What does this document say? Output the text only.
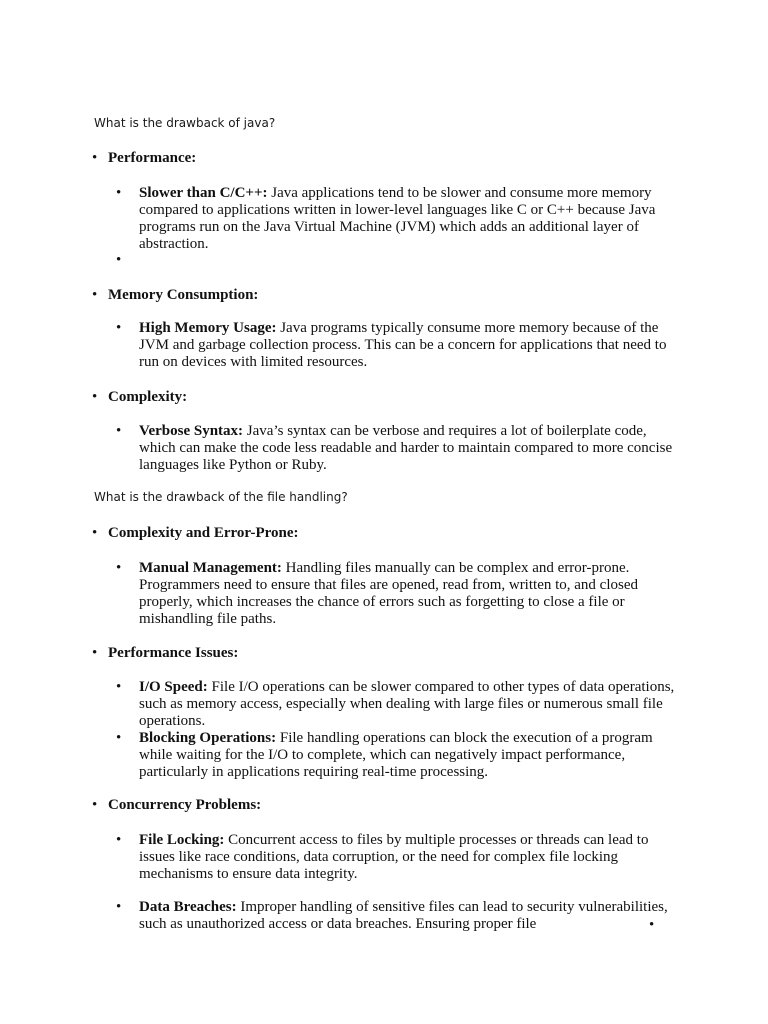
What is the drawback of java?
• Performance:
• Slower than C/C++: Java applications tend to be slower and consume more memory compared to applications written in lower-level languages like C or C++ because Java programs run on the Java Virtual Machine (JVM) which adds an additional layer of abstraction.
•
• Memory Consumption:
• High Memory Usage: Java programs typically consume more memory because of the JVM and garbage collection process. This can be a concern for applications that need to run on devices with limited resources.
• Complexity:
• Verbose Syntax: Java’s syntax can be verbose and requires a lot of boilerplate code, which can make the code less readable and harder to maintain compared to more concise languages like Python or Ruby.
What is the drawback of the file handling?
• Complexity and Error-Prone:
• Manual Management: Handling files manually can be complex and error-prone. Programmers need to ensure that files are opened, read from, written to, and closed properly, which increases the chance of errors such as forgetting to close a file or mishandling file paths.
• Performance Issues:
• I/O Speed: File I/O operations can be slower compared to other types of data operations, such as memory access, especially when dealing with large files or numerous small file operations.
• Blocking Operations: File handling operations can block the execution of a program while waiting for the I/O to complete, which can negatively impact performance, particularly in applications requiring real-time processing.
• Concurrency Problems:
• File Locking: Concurrent access to files by multiple processes or threads can lead to issues like race conditions, data corruption, or the need for complex file locking mechanisms to ensure data integrity.
• Data Breaches: Improper handling of sensitive files can lead to security vulnerabilities, such as unauthorized access or data breaches. Ensuring proper file	•
